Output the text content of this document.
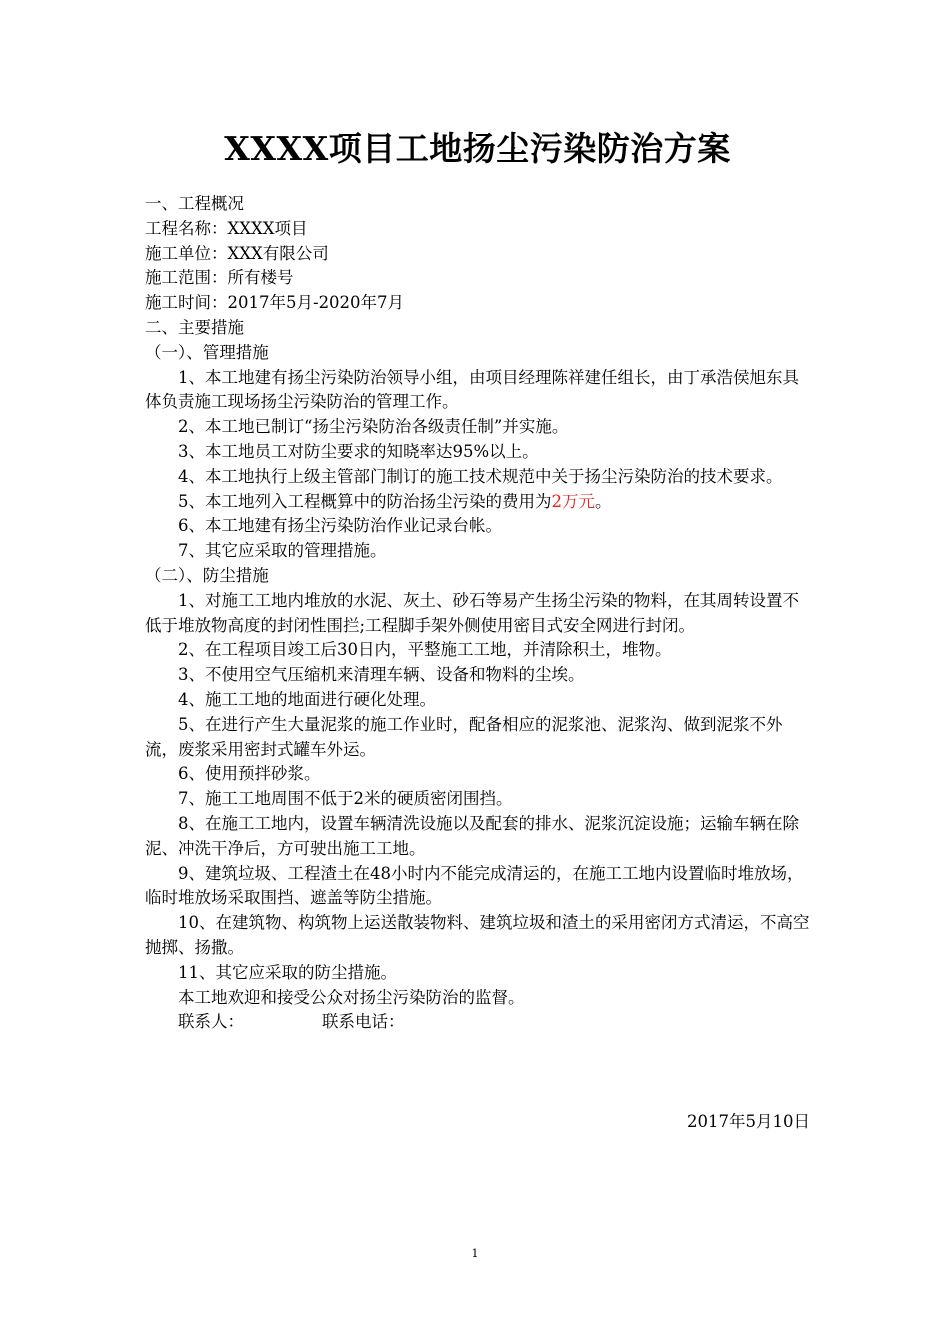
XXXX项目工地扬尘污染防治方案

一、工程概况

工程名称：XXXX项目

施工单位：XXX有限公司

施工范围：所有楼号

施工时间：2017年5月-2020年7月

二、主要措施

（一）、管理措施

1、本工地建有扬尘污染防治领导小组，由项目经理陈祥建任组长，由丁承浩侯旭东具体负责施工现场扬尘污染防治的管理工作。

2、本工地已制订“扬尘污染防治各级责任制”并实施。

3、本工地员工对防尘要求的知晓率达95%以上。

4、本工地执行上级主管部门制订的施工技术规范中关于扬尘污染防治的技术要求。

5、本工地列入工程概算中的防治扬尘污染的费用为2万元。

6、本工地建有扬尘污染防治作业记录台帐。

7、其它应采取的管理措施。

（二）、防尘措施

1、对施工工地内堆放的水泥、灰土、砂石等易产生扬尘污染的物料，在其周转设置不低于堆放物高度的封闭性围拦;工程脚手架外侧使用密目式安全网进行封闭。

2、在工程项目竣工后30日内，平整施工工地，并清除积土，堆物。

3、不使用空气压缩机来清理车辆、设备和物料的尘埃。

4、施工工地的地面进行硬化处理。

5、在进行产生大量泥浆的施工作业时，配备相应的泥浆池、泥浆沟、做到泥浆不外流，废浆采用密封式罐车外运。

6、使用预拌砂浆。

7、施工工地周围不低于2米的硬质密闭围挡。

8、在施工工地内，设置车辆清洗设施以及配套的排水、泥浆沉淀设施；运输车辆在除泥、冲洗干净后，方可驶出施工工地。

9、建筑垃圾、工程渣土在48小时内不能完成清运的，在施工工地内设置临时堆放场，临时堆放场采取围挡、遮盖等防尘措施。

10、在建筑物、构筑物上运送散装物料、建筑垃圾和渣土的采用密闭方式清运，不高空抛掷、扬撒。

11、其它应采取的防尘措施。

本工地欢迎和接受公众对扬尘污染防治的监督。

联系人：	联系电话：

2017年5月10日

1
